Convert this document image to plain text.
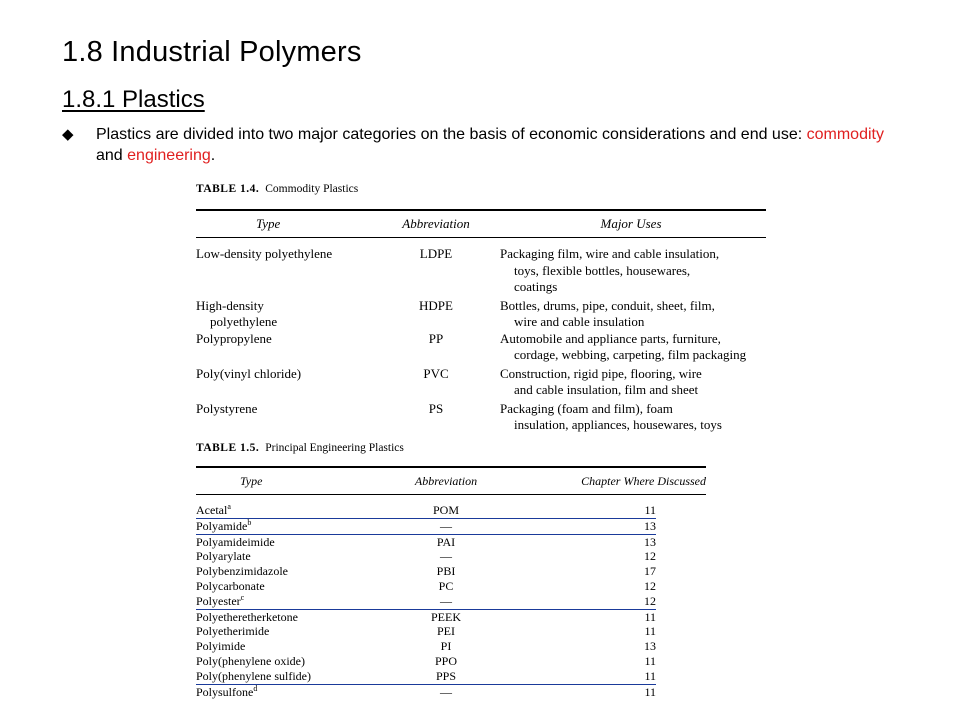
1.8 Industrial Polymers
1.8.1 Plastics
◆ Plastics are divided into two major categories on the basis of economic considerations and end use: commodity and engineering.

TABLE 1.4. Commodity Plastics

Type	Abbreviation	Major Uses
Low-density polyethylene	LDPE	Packaging film, wire and cable insulation,
toys, flexible bottles, housewares,
coatings
High-density
polyethylene
HDPE	Bottles, drums, pipe, conduit, sheet, film,
wire and cable insulation
Polypropylene	PP	Automobile and appliance parts, furniture,
cordage, webbing, carpeting, film packaging
Poly(vinyl chloride)	PVC	Construction, rigid pipe, flooring, wire
and cable insulation, film and sheet
Polystyrene	PS	Packaging (foam and film), foam
insulation, appliances, housewares, toys

TABLE 1.5. Principal Engineering Plastics

Type	Abbreviation	Chapter Where Discussed
Acetal$^a$	POM	11
Polyamide$^b$	—	13
Polyamideimide	PAI	13
Polyarylate	—	12
Polybenzimidazole	PBI	17
Polycarbonate	PC	12
Polyester$^c$	—	12
Polyetheretherketone	PEEK	11
Polyetherimide	PEI	11
Polyimide	PI	13
Poly(phenylene oxide)	PPO	11
Poly(phenylene sulfide)	PPS	11
Polysulfone$^d$	—	11
